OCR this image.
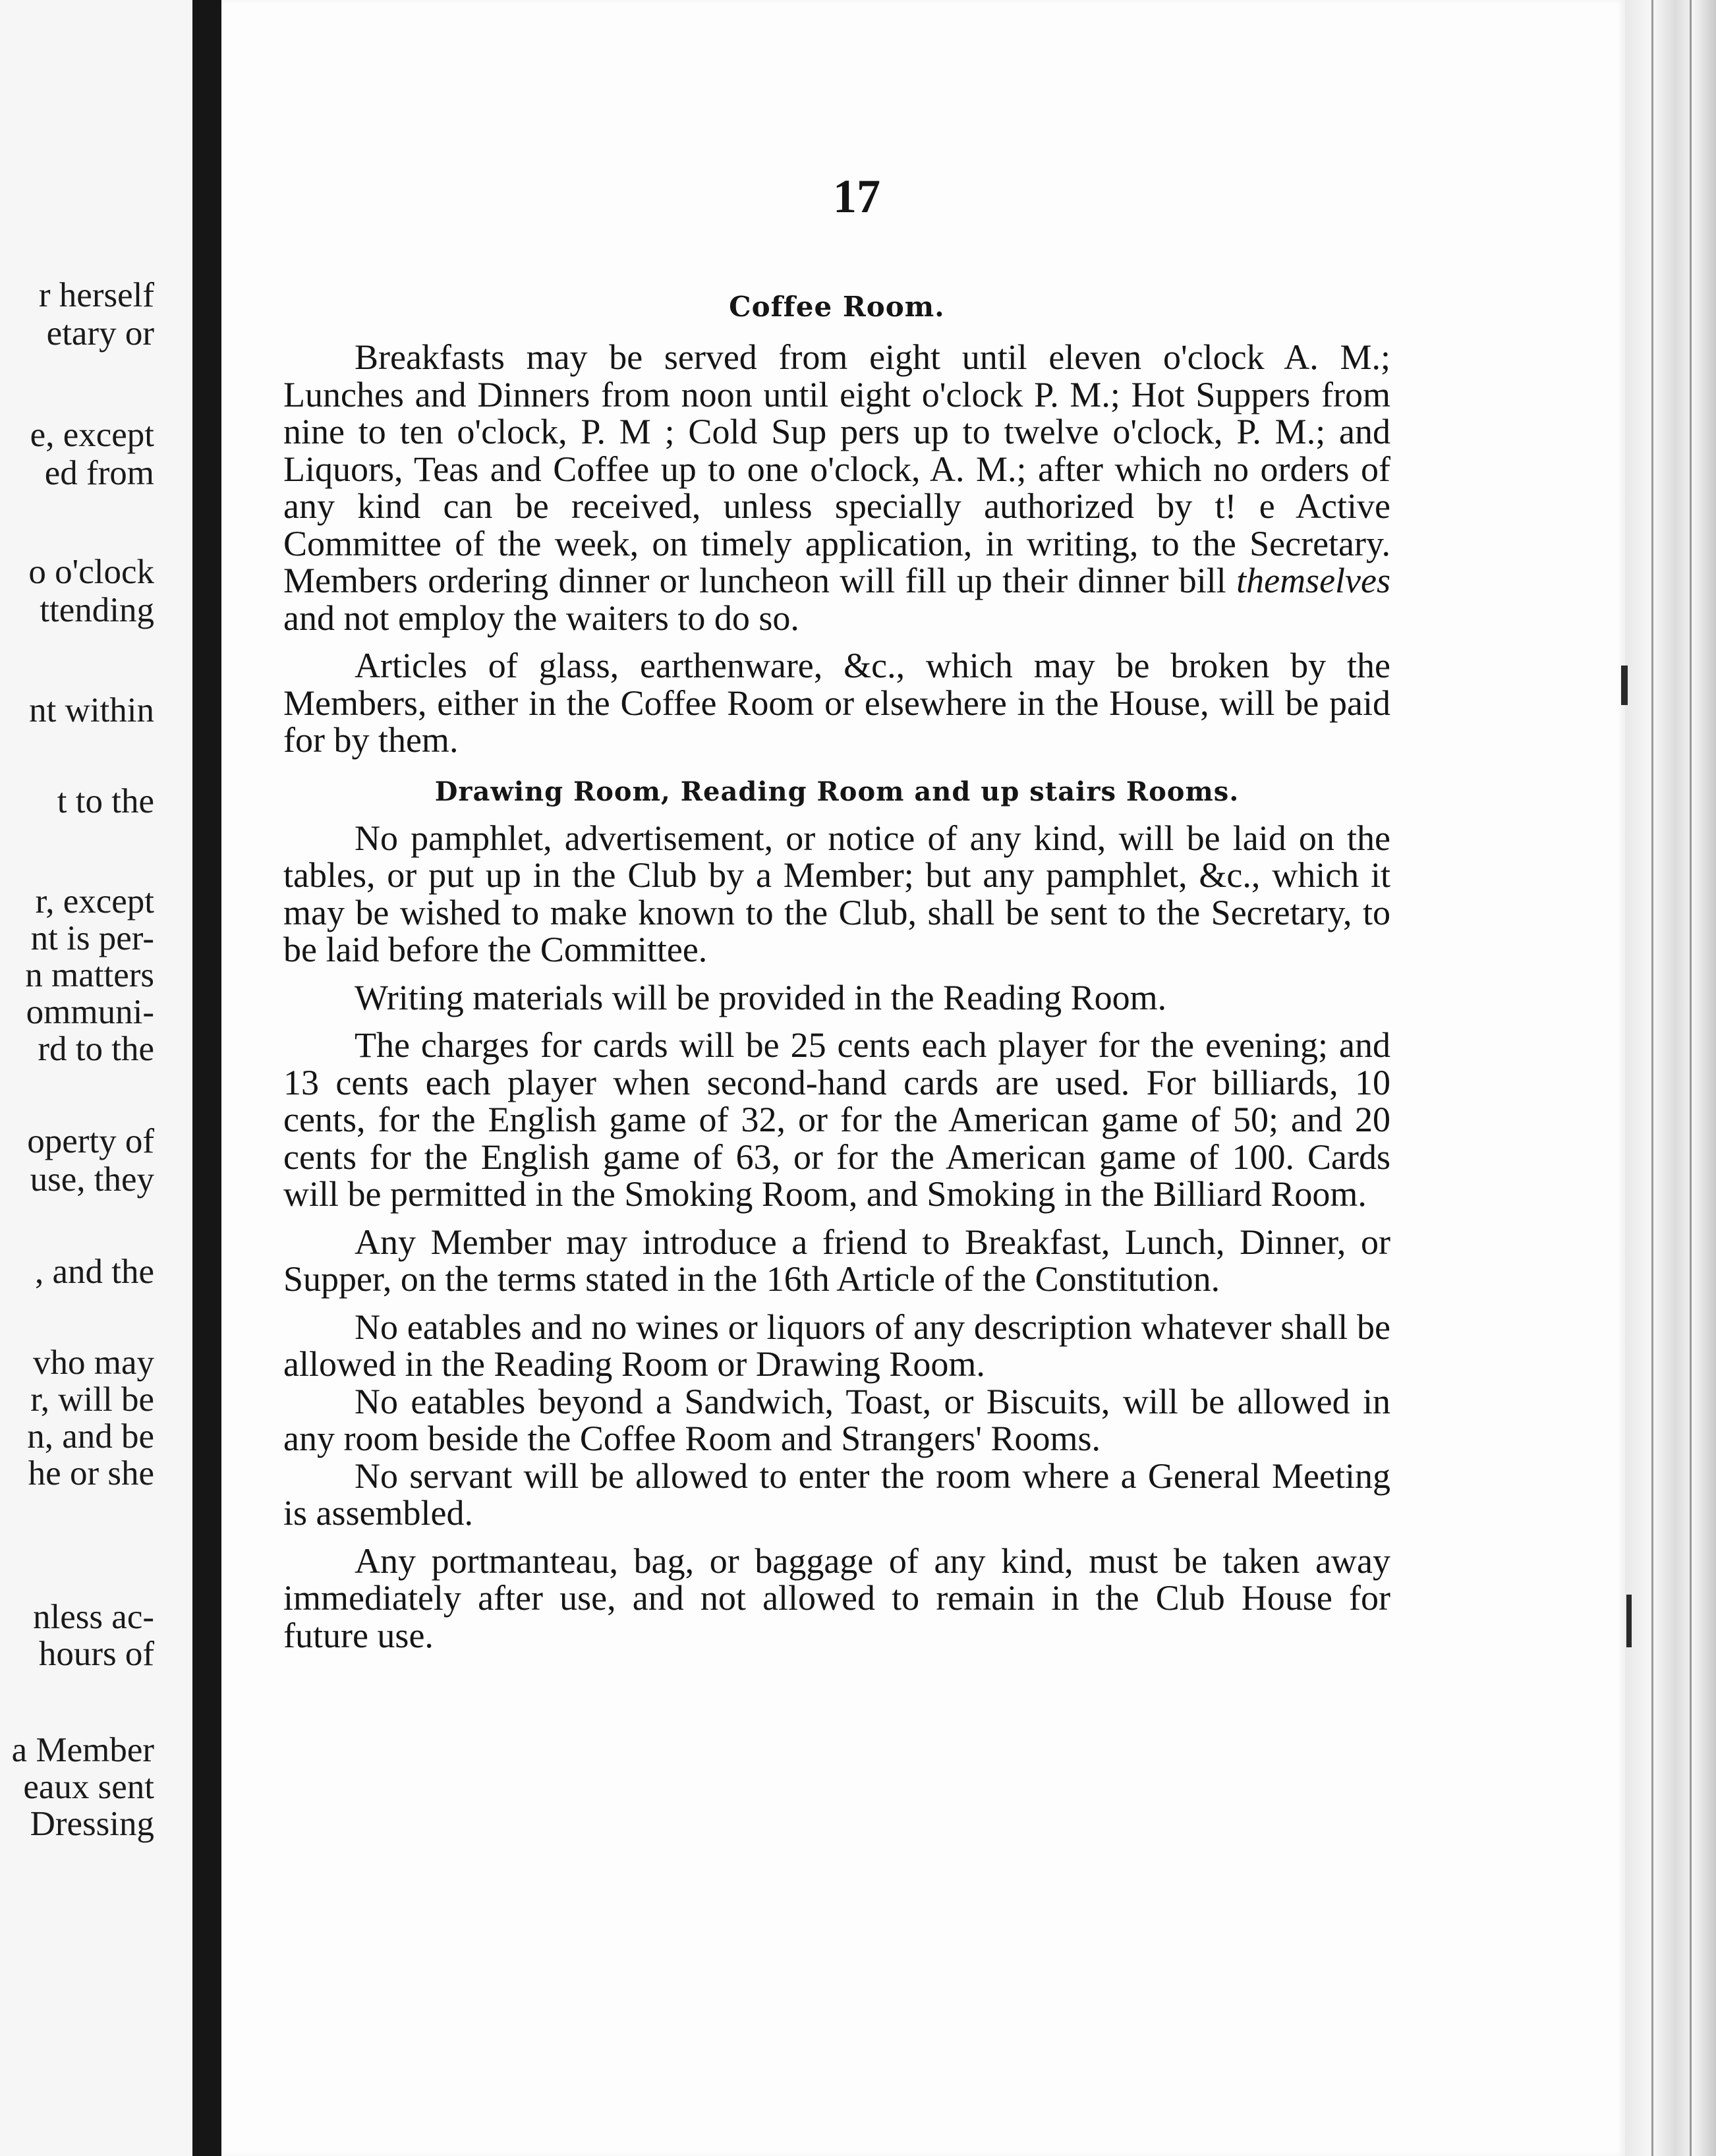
r herself
etary or
e, except
ed from
o o'clock
ttending
nt within
t to the
r, except
nt is per-
n matters
ommuni-
rd to the
operty of
use, they
, and the
vho may
r, will be
n, and be
he or she
nless ac-
hours of
a Member
eaux sent
Dressing
17
Coffee Room.

Breakfasts may be served from eight until eleven o'clock A. M.; Lunches and Dinners from noon until eight o'clock P. M.; Hot Suppers from nine to ten o'clock, P. M ; Cold Sup pers up to twelve o'clock, P. M.; and Liquors, Teas and Coffee up to one o'clock, A. M.; after which no orders of any kind can be received, unless specially authorized by t! e Active Committee of the week, on timely application, in writing, to the Secretary. Members ordering dinner or luncheon will fill up their dinner bill themselves and not employ the waiters to do so.

Articles of glass, earthenware, &c., which may be broken by the Members, either in the Coffee Room or elsewhere in the House, will be paid for by them.

Drawing Room, Reading Room and up stairs Rooms.

No pamphlet, advertisement, or notice of any kind, will be laid on the tables, or put up in the Club by a Member; but any pamphlet, &c., which it may be wished to make known to the Club, shall be sent to the Secretary, to be laid before the Committee.

Writing materials will be provided in the Reading Room.

The charges for cards will be 25 cents each player for the evening; and 13 cents each player when second-hand cards are used. For billiards, 10 cents, for the English game of 32, or for the American game of 50; and 20 cents for the English game of 63, or for the American game of 100. Cards will be permitted in the Smoking Room, and Smoking in the Billiard Room.

Any Member may introduce a friend to Breakfast, Lunch, Dinner, or Supper, on the terms stated in the 16th Article of the Constitution.

No eatables and no wines or liquors of any description whatever shall be allowed in the Reading Room or Drawing Room.

No eatables beyond a Sandwich, Toast, or Biscuits, will be allowed in any room beside the Coffee Room and Strangers' Rooms.

No servant will be allowed to enter the room where a General Meeting is assembled.

Any portmanteau, bag, or baggage of any kind, must be taken away immediately after use, and not allowed to remain in the Club House for future use.
